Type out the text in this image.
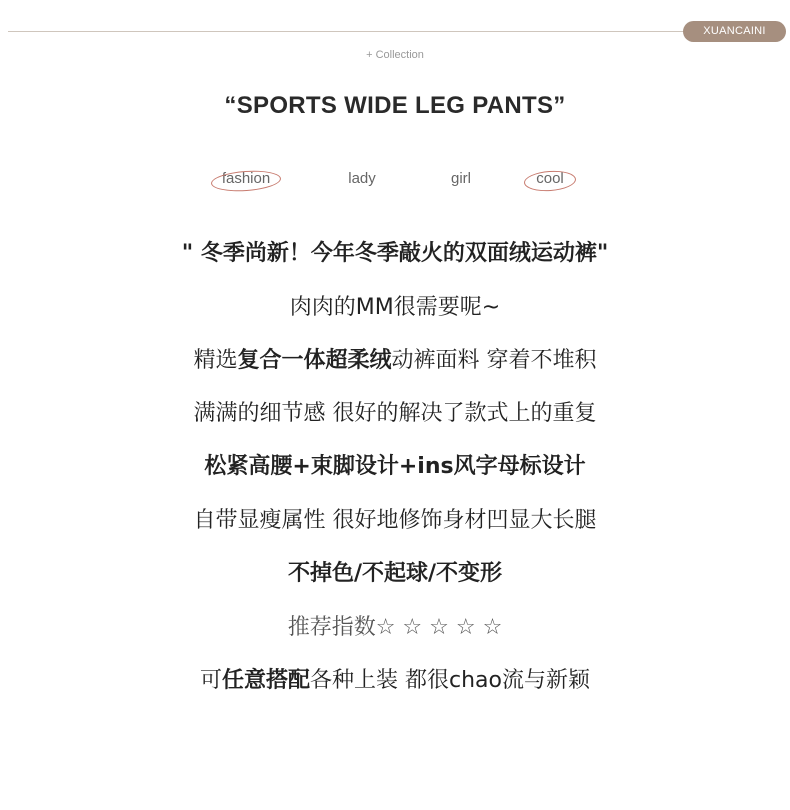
XUANCAINI
+ Collection
“SPORTS WIDE LEG PANTS”
fashion	lady	girl	cool
" 冬季尚新！今年冬季敲火的双面绒运动裤"
肉肉的MM很需要呢~
精选复合一体超柔绒动裤面料 穿着不堆积
满满的细节感 很好的解决了款式上的重复
松紧高腰+束脚设计+ins风字母标设计
自带显瘦属性 很好地修饰身材凹显大长腿
不掉色/不起球/不变形
推荐指数☆ ☆ ☆ ☆ ☆
可任意搭配各种上装 都很chao流与新颖
